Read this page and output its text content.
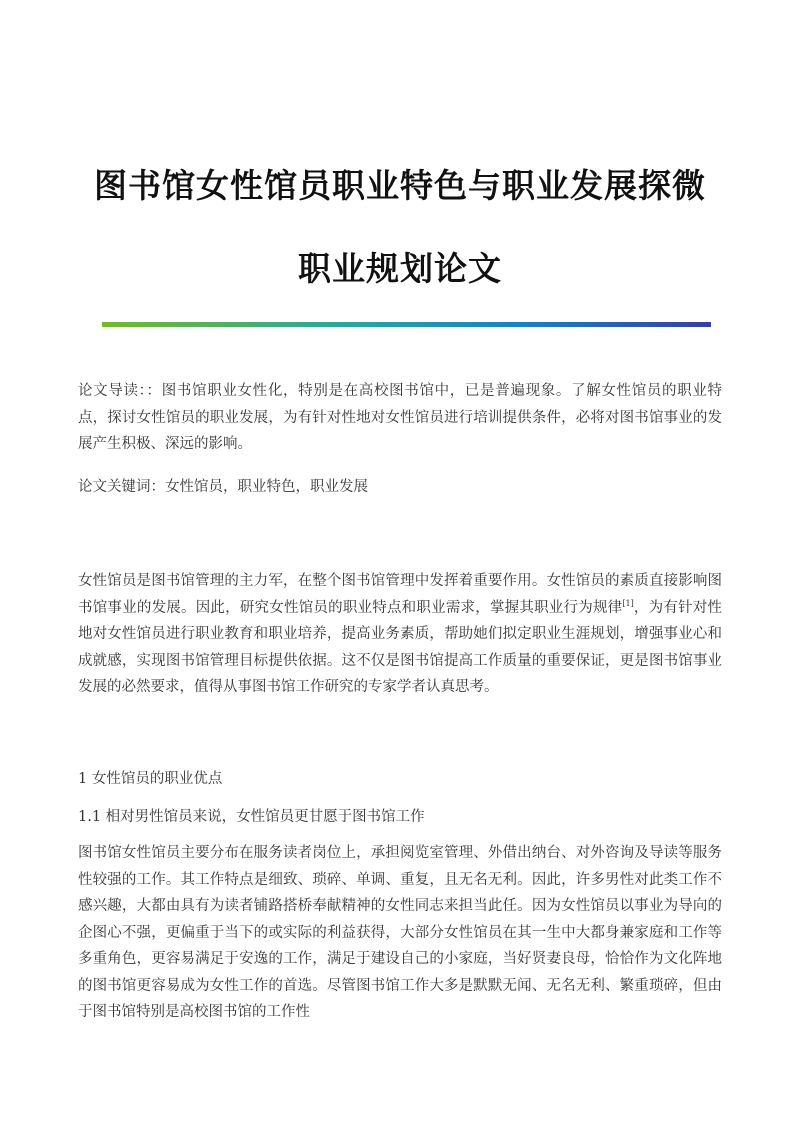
图书馆女性馆员职业特色与职业发展探微
职业规划论文
论文导读：：图书馆职业女性化，特别是在高校图书馆中，已是普遍现象。了解女性馆员的职业特点，探讨女性馆员的职业发展，为有针对性地对女性馆员进行培训提供条件，必将对图书馆事业的发展产生积极、深远的影响。
论文关键词：女性馆员，职业特色，职业发展
女性馆员是图书馆管理的主力军，在整个图书馆管理中发挥着重要作用。女性馆员的素质直接影响图书馆事业的发展。因此，研究女性馆员的职业特点和职业需求，掌握其职业行为规律[1]，为有针对性地对女性馆员进行职业教育和职业培养，提高业务素质，帮助她们拟定职业生涯规划，增强事业心和成就感，实现图书馆管理目标提供依据。这不仅是图书馆提高工作质量的重要保证，更是图书馆事业发展的必然要求，值得从事图书馆工作研究的专家学者认真思考。
1 女性馆员的职业优点
1.1 相对男性馆员来说，女性馆员更甘愿于图书馆工作
图书馆女性馆员主要分布在服务读者岗位上，承担阅览室管理、外借出纳台、对外咨询及导读等服务性较强的工作。其工作特点是细致、琐碎、单调、重复，且无名无利。因此，许多男性对此类工作不感兴趣，大都由具有为读者铺路搭桥奉献精神的女性同志来担当此任。因为女性馆员以事业为导向的企图心不强，更偏重于当下的或实际的利益获得，大部分女性馆员在其一生中大都身兼家庭和工作等多重角色，更容易满足于安逸的工作，满足于建设自己的小家庭，当好贤妻良母，恰恰作为文化阵地的图书馆更容易成为女性工作的首选。尽管图书馆工作大多是默默无闻、无名无利、繁重琐碎，但由于图书馆特别是高校图书馆的工作性
